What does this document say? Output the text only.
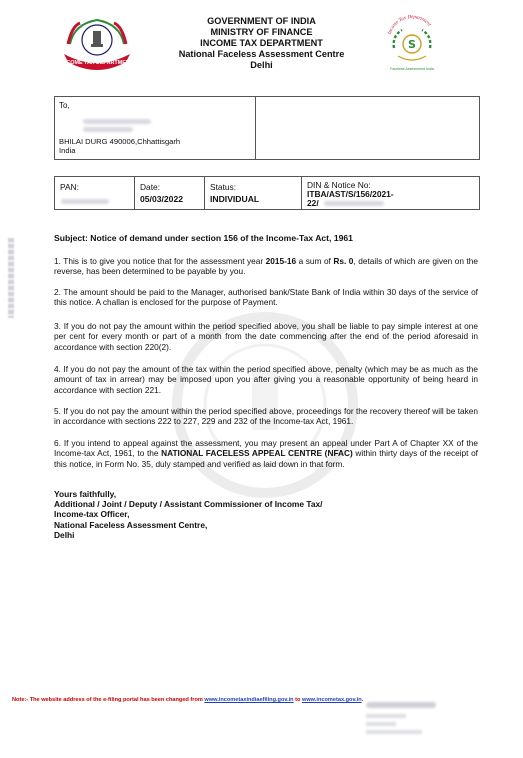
INCOME TAX DEPARTMENT
GOVERNMENT OF INDIA
MINISTRY OF FINANCE
INCOME TAX DEPARTMENT
National Faceless Assessment Centre
Delhi
Income Tax Department
S
Faceless Assessment India
To,
BHILAI DURG 490006,Chhattisgarh
India
PAN:	Date:
05/03/2022
Status:
INDIVIDUAL
DIN & Notice No:
ITBA/AST/S/156/2021-
22/
Subject: Notice of demand under section 156 of the Income-Tax Act, 1961
1. This is to give you notice that for the assessment year 2015-16 a sum of Rs. 0, details of which are given on the reverse, has been determined to be payable by you.
2. The amount should be paid to the Manager, authorised bank/State Bank of India within 30 days of the service of this notice. A challan is enclosed for the purpose of Payment.
3. If you do not pay the amount within the period specified above, you shall be liable to pay simple interest at one per cent for every month or part of a month from the date commencing after the end of the period aforesaid in accordance with section 220(2).
4. If you do not pay the amount of the tax within the period specified above, penalty (which may be as much as the amount of tax in arrear) may be imposed upon you after giving you a reasonable opportunity of being heard in accordance with section 221.
5. If you do not pay the amount within the period specified above, proceedings for the recovery thereof will be taken in accordance with sections 222 to 227, 229 and 232 of the Income-tax Act, 1961.
6. If you intend to appeal against the assessment, you may present an appeal under Part A of Chapter XX of the Income-tax Act, 1961, to the NATIONAL FACELESS APPEAL CENTRE (NFAC) within thirty days of the receipt of this notice, in Form No. 35, duly stamped and verified as laid down in that form.
Yours faithfully,
Additional / Joint / Deputy / Assistant Commissioner of Income Tax/
Income-tax Officer,
National Faceless Assessment Centre,
Delhi
Note:- The website address of the e-filing portal has been changed from www.incometaxindiaefiling.gov.in to www.incometax.gov.in.
